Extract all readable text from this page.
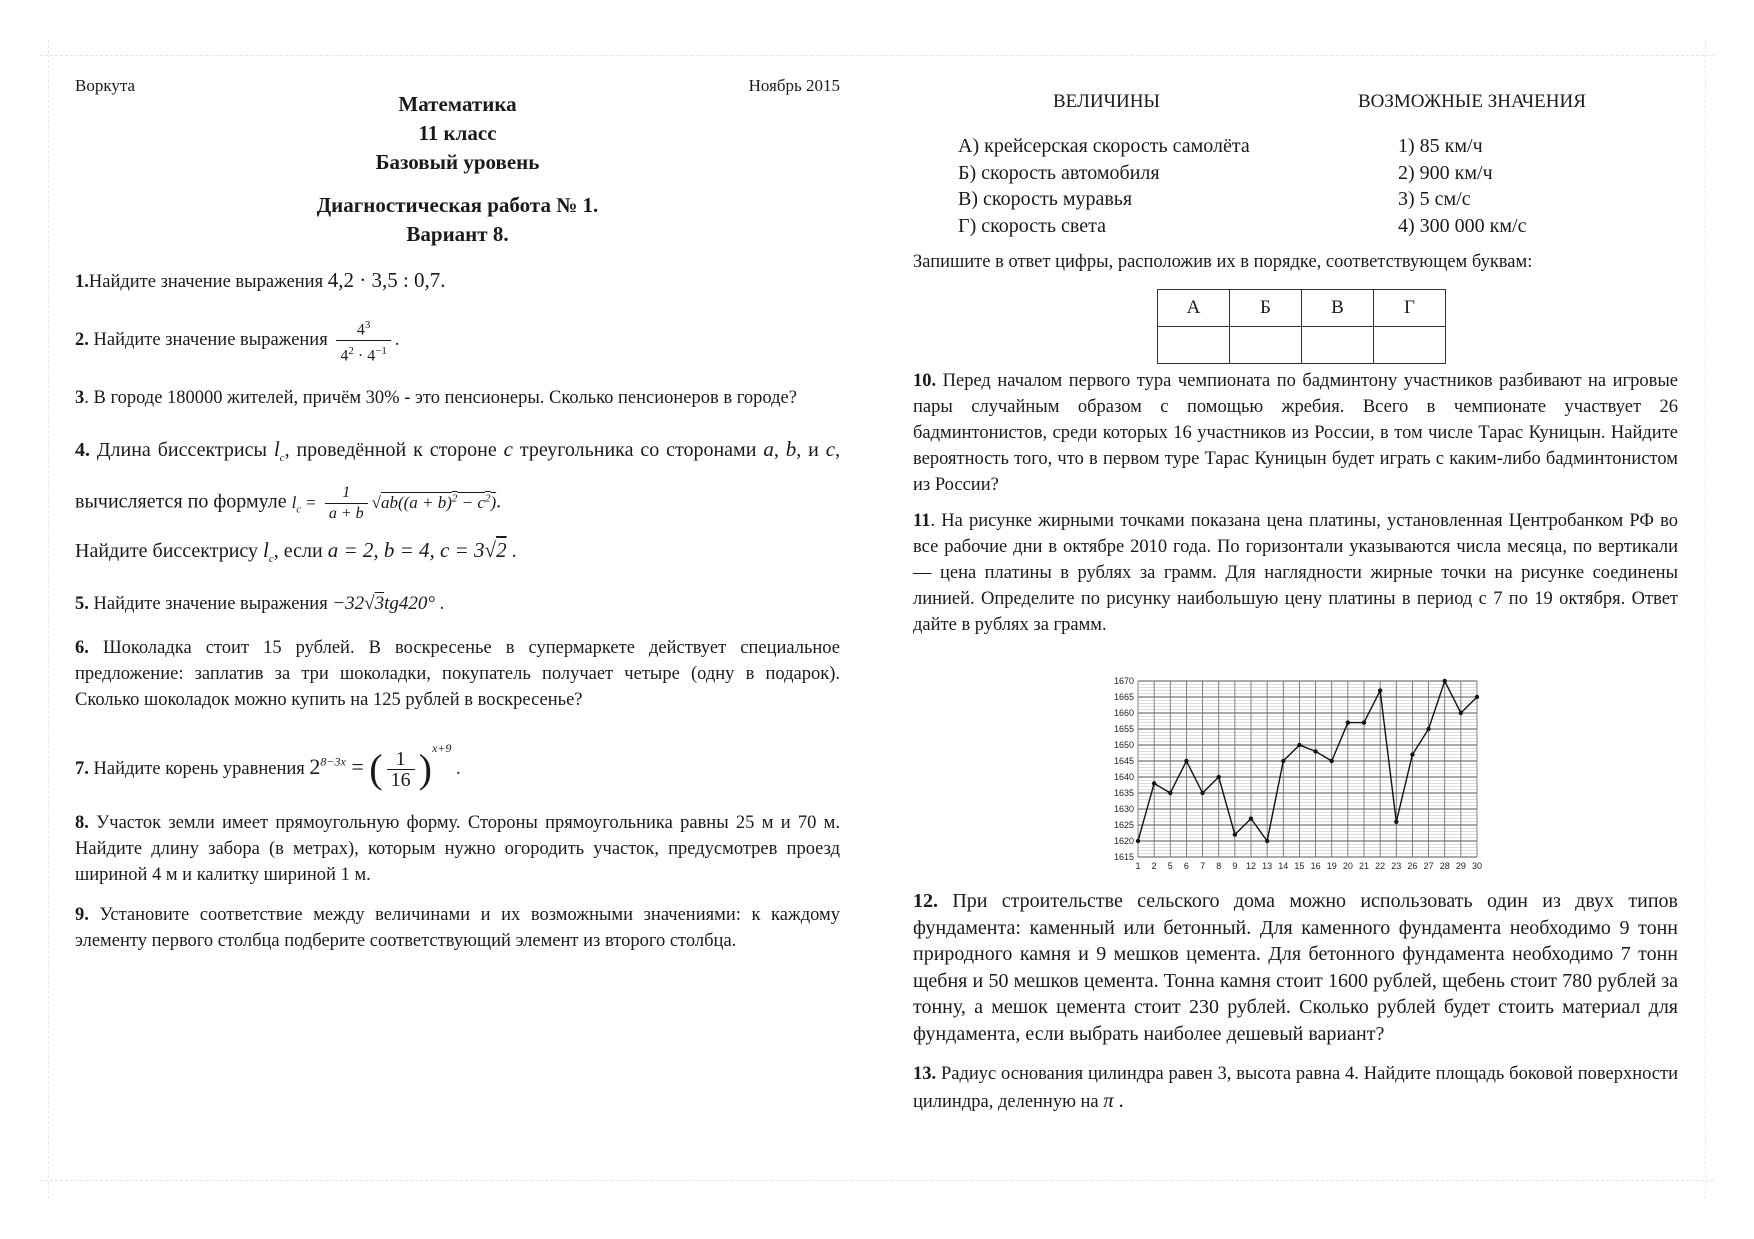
Воркута	Ноябрь 2015
Математика
11 класс
Базовый уровень
Диагностическая работа № 1.
Вариант 8.

1.Найдите значение выражения 4,2 · 3,5 : 0,7.

2. Найдите значение выражения $\frac{4^3}{4^2 \cdot 4^{-1}}$ .

3. В городе 180000 жителей, причём 30% - это пенсионеры. Сколько пенсионеров в городе?

4. Длина биссектрисы $l_c$, проведённой к стороне c треугольника со сторонами a, b, и c, вычисляется по формуле $l_c = \frac{1}{a + b} √ab((a + b)^2 - c^2)$.
Найдите биссектрису $l_c$, если a = 2, b = 4, c = 3√2 .

5. Найдите значение выражения −32√3tg420° .

6. Шоколадка стоит 15 рублей. В воскресенье в супермаркете действует специальное предложение: заплатив за три шоколадки, покупатель получает четыре (одну в подарок). Сколько шоколадок можно купить на 125 рублей в воскресенье?

7. Найдите корень уравнения $2^{8-3x}$ = ( $\frac{1}{16} )^{x+9}$ .

8. Участок земли имеет прямоугольную форму. Стороны прямоугольника равны 25 м и 70 м. Найдите длину забора (в метрах), которым нужно огородить участок, предусмотрев проезд шириной 4 м и калитку шириной 1 м.

9. Установите соответствие между величинами и их возможными значениями: к каждому элементу первого столбца подберите соответствующий элемент из второго столбца.

ВЕЛИЧИНЫ	ВОЗМОЖНЫЕ ЗНАЧЕНИЯ
А) крейсерская скорость самолёта	1) 85 км/ч
Б) скорость автомобиля	2) 900 км/ч
В) скорость муравья	3) 5 см/с
Г) скорость света	4) 300 000 км/с

Запишите в ответ цифры, расположив их в порядке, соответствующем буквам:

А	Б	В	Г

10. Перед началом первого тура чемпионата по бадминтону участников разбивают на игровые пары случайным образом с помощью жребия. Всего в чемпионате участвует 26 бадминтонистов, среди которых 16 участников из России, в том числе Тарас Куницын. Найдите вероятность того, что в первом туре Тарас Куницын будет играть с каким-либо бадминтонистом из России?

11. На рисунке жирными точками показана цена платины, установленная Центробанком РФ во все рабочие дни в октябре 2010 года. По горизонтали указываются числа месяца, по вертикали — цена платины в рублях за грамм. Для наглядности жирные точки на рисунке соединены линией. Определите по рисунку наибольшую цену платины в период с 7 по 19 октября. Ответ дайте в рублях за грамм.

12. При строительстве сельского дома можно использовать один из двух типов фундамента: каменный или бетонный. Для каменного фундамента необходимо 9 тонн природного камня и 9 мешков цемента. Для бетонного фундамента необходимо 7 тонн щебня и 50 мешков цемента. Тонна камня стоит 1600 рублей, щебень стоит 780 рублей за тонну, а мешок цемента стоит 230 рублей. Сколько рублей будет стоить материал для фундамента, если выбрать наиболее дешевый вариант?

13. Радиус основания цилиндра равен 3, высота равна 4. Найдите площадь боковой поверхности цилиндра, деленную на π .

1670
1665
1660
1655
1650
1645
1640
1635
1630
1625
1620
1615
1 2 5 6 7 8 9 12 13 14 15 16 19 20 21 22 23 26 27 28 29 30
